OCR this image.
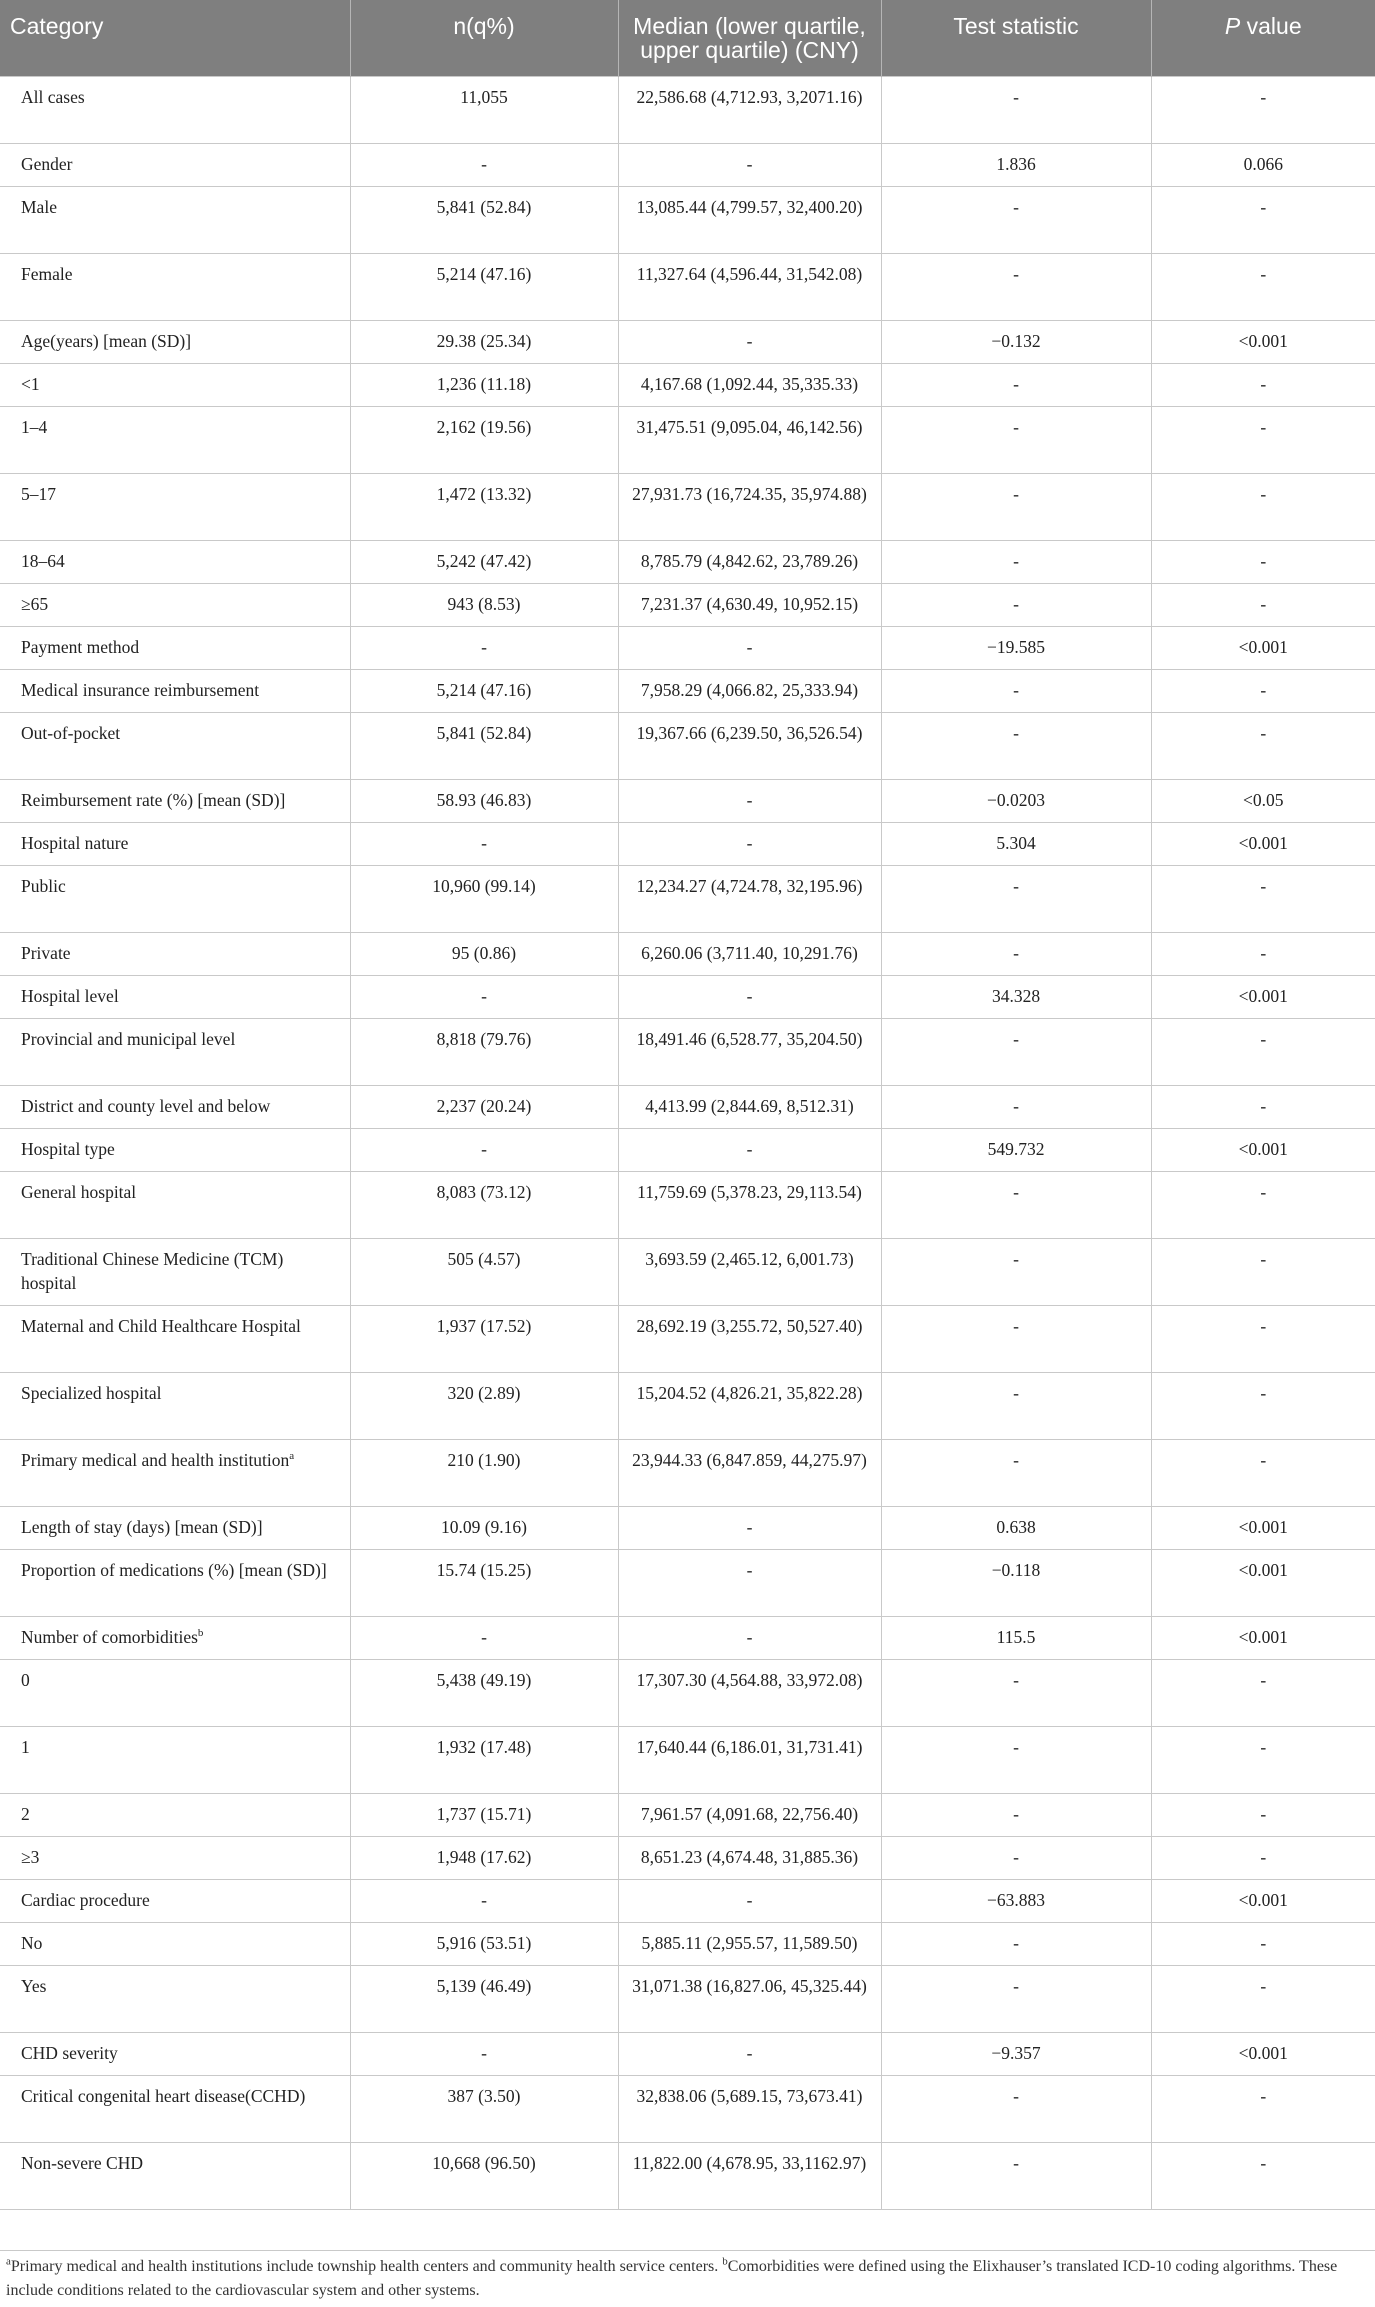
Category	n(q%)	Median (lower quartile, upper quartile) (CNY)	Test statistic	P value
All cases	11,055	22,586.68 (4,712.93, 3,2071.16)	-	-
Gender	-	-	1.836	0.066
Male	5,841 (52.84)	13,085.44 (4,799.57, 32,400.20)	-	-
Female	5,214 (47.16)	11,327.64 (4,596.44, 31,542.08)	-	-
Age(years) [mean (SD)]	29.38 (25.34)	-	−0.132	<0.001
<1	1,236 (11.18)	4,167.68 (1,092.44, 35,335.33)	-	-
1–4	2,162 (19.56)	31,475.51 (9,095.04, 46,142.56)	-	-
5–17	1,472 (13.32)	27,931.73 (16,724.35, 35,974.88)	-	-
18–64	5,242 (47.42)	8,785.79 (4,842.62, 23,789.26)	-	-
≥65	943 (8.53)	7,231.37 (4,630.49, 10,952.15)	-	-
Payment method	-	-	−19.585	<0.001
Medical insurance reimbursement	5,214 (47.16)	7,958.29 (4,066.82, 25,333.94)	-	-
Out-of-pocket	5,841 (52.84)	19,367.66 (6,239.50, 36,526.54)	-	-
Reimbursement rate (%) [mean (SD)]	58.93 (46.83)	-	−0.0203	<0.05
Hospital nature	-	-	5.304	<0.001
Public	10,960 (99.14)	12,234.27 (4,724.78, 32,195.96)	-	-
Private	95 (0.86)	6,260.06 (3,711.40, 10,291.76)	-	-
Hospital level	-	-	34.328	<0.001
Provincial and municipal level	8,818 (79.76)	18,491.46 (6,528.77, 35,204.50)	-	-
District and county level and below	2,237 (20.24)	4,413.99 (2,844.69, 8,512.31)	-	-
Hospital type	-	-	549.732	<0.001
General hospital	8,083 (73.12)	11,759.69 (5,378.23, 29,113.54)	-	-
Traditional Chinese Medicine (TCM) hospital	505 (4.57)	3,693.59 (2,465.12, 6,001.73)	-	-
Maternal and Child Healthcare Hospital	1,937 (17.52)	28,692.19 (3,255.72, 50,527.40)	-	-
Specialized hospital	320 (2.89)	15,204.52 (4,826.21, 35,822.28)	-	-
Primary medical and health institution$^a$	210 (1.90)	23,944.33 (6,847.859, 44,275.97)	-	-
Length of stay (days) [mean (SD)]	10.09 (9.16)	-	0.638	<0.001
Proportion of medications (%) [mean (SD)]	15.74 (15.25)	-	−0.118	<0.001
Number of comorbidities$^b$	-	-	115.5	<0.001
0	5,438 (49.19)	17,307.30 (4,564.88, 33,972.08)	-	-
1	1,932 (17.48)	17,640.44 (6,186.01, 31,731.41)	-	-
2	1,737 (15.71)	7,961.57 (4,091.68, 22,756.40)	-	-
≥3	1,948 (17.62)	8,651.23 (4,674.48, 31,885.36)	-	-
Cardiac procedure	-	-	−63.883	<0.001
No	5,916 (53.51)	5,885.11 (2,955.57, 11,589.50)	-	-
Yes	5,139 (46.49)	31,071.38 (16,827.06, 45,325.44)	-	-
CHD severity	-	-	−9.357	<0.001
Critical congenital heart disease(CCHD)	387 (3.50)	32,838.06 (5,689.15, 73,673.41)	-	-
Non-severe CHD	10,668 (96.50)	11,822.00 (4,678.95, 33,1162.97)	-	-
$^a$Primary medical and health institutions include township health centers and community health service centers. $^b$Comorbidities were defined using the Elixhauser’s translated ICD-10 coding algorithms. These include conditions related to the cardiovascular system and other systems.
